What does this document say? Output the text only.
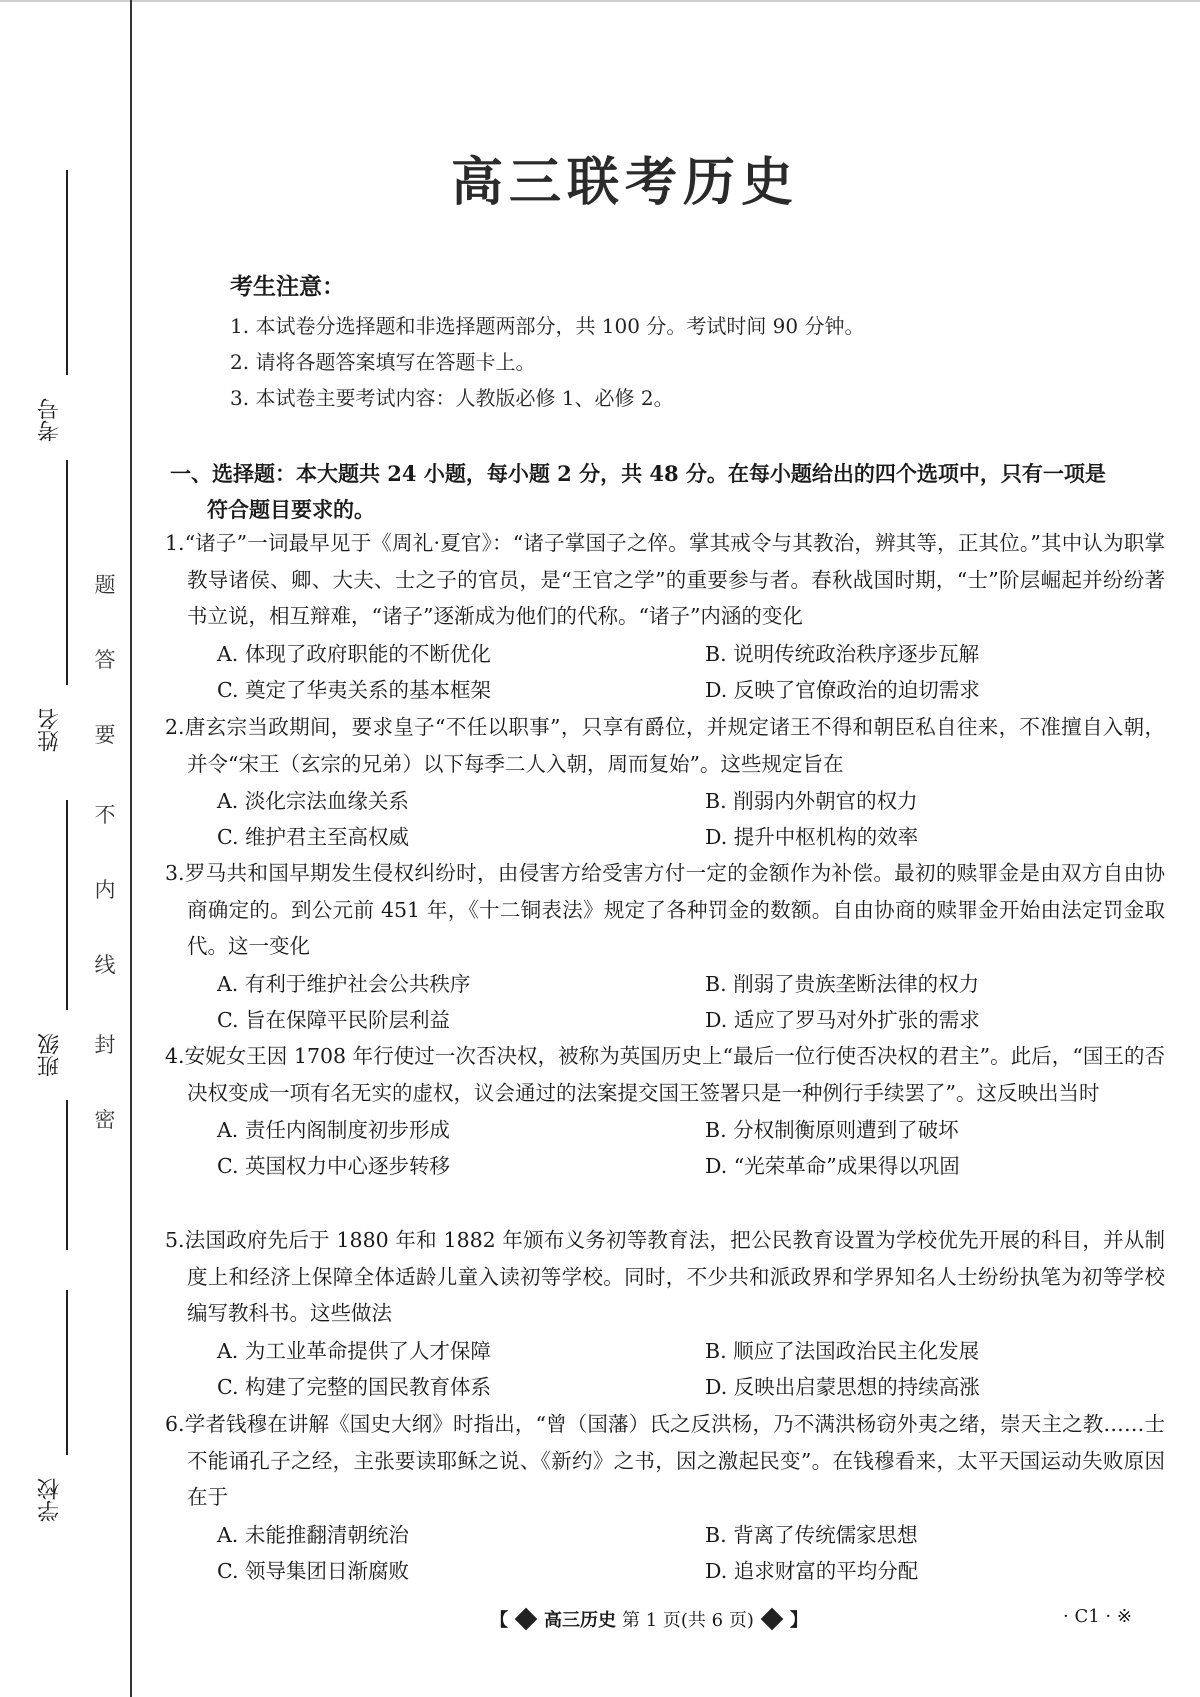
考号
姓名
班级
学校
题
答
要
不
内
线
封
密
高三联考历史
考生注意：
1. 本试卷分选择题和非选择题两部分，共 100 分。考试时间 90 分钟。
2. 请将各题答案填写在答题卡上。
3. 本试卷主要考试内容：人教版必修 1、必修 2。
一、选择题：本大题共 24 小题，每小题 2 分，共 48 分。在每小题给出的四个选项中，只有一项是
符合题目要求的。
1.“诸子”一词最早见于《周礼·夏官》：“诸子掌国子之倅。掌其戒令与其教治，辨其等，正其位。”其中认为职掌教导诸侯、卿、大夫、士之子的官员，是“王官之学”的重要参与者。春秋战国时期，“士”阶层崛起并纷纷著书立说，相互辩难，“诸子”逐渐成为他们的代称。“诸子”内涵的变化
A. 体现了政府职能的不断优化	B. 说明传统政治秩序逐步瓦解
C. 奠定了华夷关系的基本框架	D. 反映了官僚政治的迫切需求
2.唐玄宗当政期间，要求皇子“不任以职事”，只享有爵位，并规定诸王不得和朝臣私自往来，不准擅自入朝，并令“宋王（玄宗的兄弟）以下每季二人入朝，周而复始”。这些规定旨在
A. 淡化宗法血缘关系	B. 削弱内外朝官的权力
C. 维护君主至高权威	D. 提升中枢机构的效率
3.罗马共和国早期发生侵权纠纷时，由侵害方给受害方付一定的金额作为补偿。最初的赎罪金是由双方自由协商确定的。到公元前 451 年，《十二铜表法》规定了各种罚金的数额。自由协商的赎罪金开始由法定罚金取代。这一变化
A. 有利于维护社会公共秩序	B. 削弱了贵族垄断法律的权力
C. 旨在保障平民阶层利益	D. 适应了罗马对外扩张的需求
4.安妮女王因 1708 年行使过一次否决权，被称为英国历史上“最后一位行使否决权的君主”。此后，“国王的否决权变成一项有名无实的虚权，议会通过的法案提交国王签署只是一种例行手续罢了”。这反映出当时
A. 责任内阁制度初步形成	B. 分权制衡原则遭到了破坏
C. 英国权力中心逐步转移	D. “光荣革命”成果得以巩固
5.法国政府先后于 1880 年和 1882 年颁布义务初等教育法，把公民教育设置为学校优先开展的科目，并从制度上和经济上保障全体适龄儿童入读初等学校。同时，不少共和派政界和学界知名人士纷纷执笔为初等学校编写教科书。这些做法
A. 为工业革命提供了人才保障	B. 顺应了法国政治民主化发展
C. 构建了完整的国民教育体系	D. 反映出启蒙思想的持续高涨
6.学者钱穆在讲解《国史大纲》时指出，“曾（国藩）氏之反洪杨，乃不满洪杨窃外夷之绪，崇天主之教……士不能诵孔子之经，主张要读耶稣之说、《新约》之书，因之激起民变”。在钱穆看来，太平天国运动失败原因在于
A. 未能推翻清朝统治	B. 背离了传统儒家思想
C. 领导集团日渐腐败	D. 追求财富的平均分配
【 高三历史 第 1 页(共 6 页) 】	· C1 · ※
